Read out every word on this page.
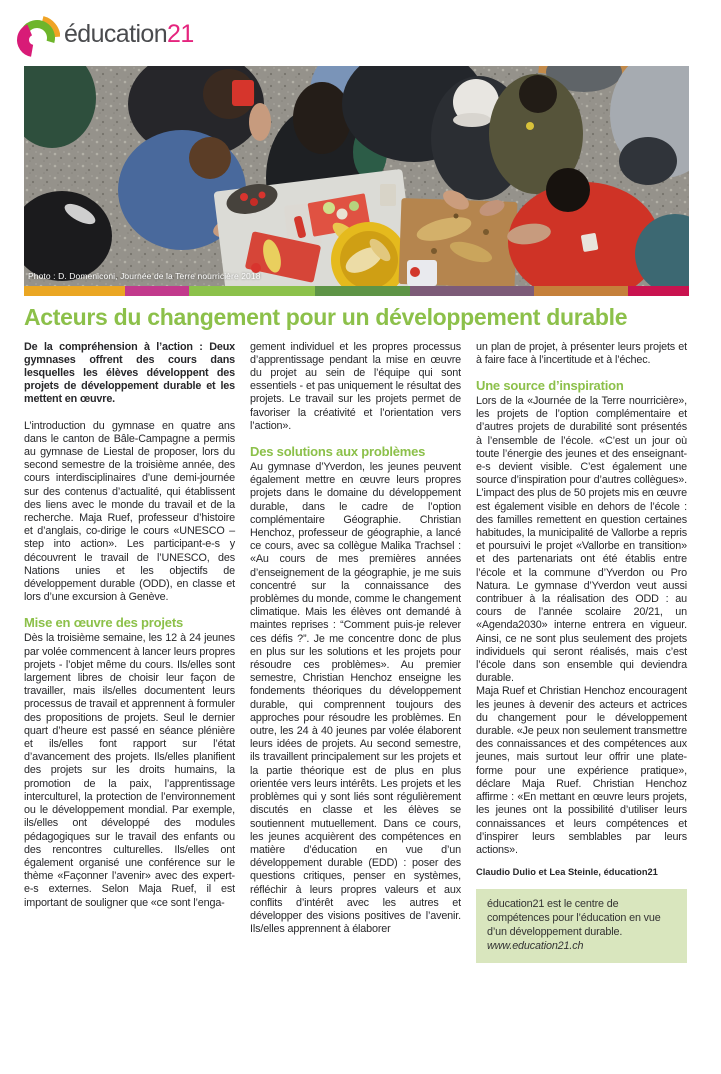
éducation21
Photo : D. Domeniconi, Journée de la Terre nourricière 2018
Acteurs du changement pour un développement durable

De la compréhension à l’action : Deux gymnases offrent des cours dans lesquelles les élèves développent des projets de développement durable et les mettent en œuvre.

L’introduction du gymnase en quatre ans dans le canton de Bâle-Campagne a permis au gymnase de Liestal de proposer, lors du second semestre de la troisième année, des cours interdisciplinaires d’une demi-journée sur des contenus d’actualité, qui établissent des liens avec le monde du travail et de la recherche. Maja Ruef, professeur d’histoire et d’anglais, co-dirige le cours «UNESCO – step into action». Les participant-e-s y découvrent le travail de l’UNESCO, des Nations unies et les objectifs de développement durable (ODD), en classe et lors d’une excursion à Genève.

Mise en œuvre des projets

Dès la troisième semaine, les 12 à 24 jeunes par volée commencent à lancer leurs propres projets - l’objet même du cours. Ils/elles sont largement libres de choisir leur façon de travailler, mais ils/elles documentent leurs processus de travail et apprennent à formuler des propositions de projets. Seul le dernier quart d’heure est passé en séance plénière et ils/elles font rapport sur l’état d’avancement des projets. Ils/elles planifient des projets sur les droits humains, la promotion de la paix, l’apprentissage interculturel, la protection de l’environnement ou le développement mondial. Par exemple, ils/elles ont développé des modules pédagogiques sur le travail des enfants ou des rencontres culturelles. Ils/elles ont également organisé une conférence sur le thème «Façonner l’avenir» avec des expert-e-s externes. Selon Maja Ruef, il est important de souligner que «ce sont l’enga-

gement individuel et les propres processus d’apprentissage pendant la mise en œuvre du projet au sein de l’équipe qui sont essentiels - et pas uniquement le résultat des projets. Le travail sur les projets permet de favoriser la créativité et l’orientation vers l’action».

Des solutions aux problèmes

Au gymnase d’Yverdon, les jeunes peuvent également mettre en œuvre leurs propres projets dans le domaine du développement durable, dans le cadre de l’option complémentaire Géographie. Christian Henchoz, professeur de géographie, a lancé ce cours, avec sa collègue Malika Trachsel : «Au cours de mes premières années d’enseignement de la géographie, je me suis concentré sur la connaissance des problèmes du monde, comme le changement climatique. Mais les élèves ont demandé à maintes reprises : “Comment puis-je relever ces défis ?”. Je me concentre donc de plus en plus sur les solutions et les projets pour résoudre ces problèmes». Au premier semestre, Christian Henchoz enseigne les fondements théoriques du développement durable, qui comprennent toujours des approches pour résoudre les problèmes. En outre, les 24 à 40 jeunes par volée élaborent leurs idées de projets. Au second semestre, ils travaillent principalement sur les projets et la partie théorique est de plus en plus orientée vers leurs intérêts. Les projets et les problèmes qui y sont liés sont régulièrement discutés en classe et les élèves se soutiennent mutuellement. Dans ce cours, les jeunes acquièrent des compétences en matière d’éducation en vue d’un développement durable (EDD) : poser des questions critiques, penser en systèmes, réfléchir à leurs propres valeurs et aux conflits d’intérêt avec les autres et développer des visions positives de l’avenir. Ils/elles apprennent à élaborer

un plan de projet, à présenter leurs projets et à faire face à l’incertitude et à l’échec.

Une source d’inspiration

Lors de la «Journée de la Terre nourricière», les projets de l’option complémentaire et d’autres projets de durabilité sont présentés à l’ensemble de l’école. «C’est un jour où toute l’énergie des jeunes et des enseignant-e-s devient visible. C’est également une source d’inspiration pour d’autres collègues». L’impact des plus de 50 projets mis en œuvre est également visible en dehors de l’école : des familles remettent en question certaines habitudes, la municipalité de Vallorbe a repris et poursuivi le projet «Vallorbe en transition» et des partenariats ont été établis entre l’école et la commune d’Yverdon ou Pro Natura. Le gymnase d’Yverdon veut aussi contribuer à la réalisation des ODD : au cours de l’année scolaire 20/21, un «Agenda2030» interne entrera en vigueur. Ainsi, ce ne sont plus seulement des projets individuels qui seront réalisés, mais c’est l’école dans son ensemble qui deviendra durable.

Maja Ruef et Christian Henchoz encouragent les jeunes à devenir des acteurs et actrices du changement pour le développement durable. «Je peux non seulement transmettre des connaissances et des compétences aux jeunes, mais surtout leur offrir une plate-forme pour une expérience pratique», déclare Maja Ruef. Christian Henchoz affirme : «En mettant en œuvre leurs projets, les jeunes ont la possibilité d’utiliser leurs connaissances et leurs compétences et d’inspirer leurs semblables par leurs actions».

Claudio Dulio et Lea Steinle, éducation21

éducation21 est le centre de compétences pour l’éducation en vue d’un développement durable. www.education21.ch
